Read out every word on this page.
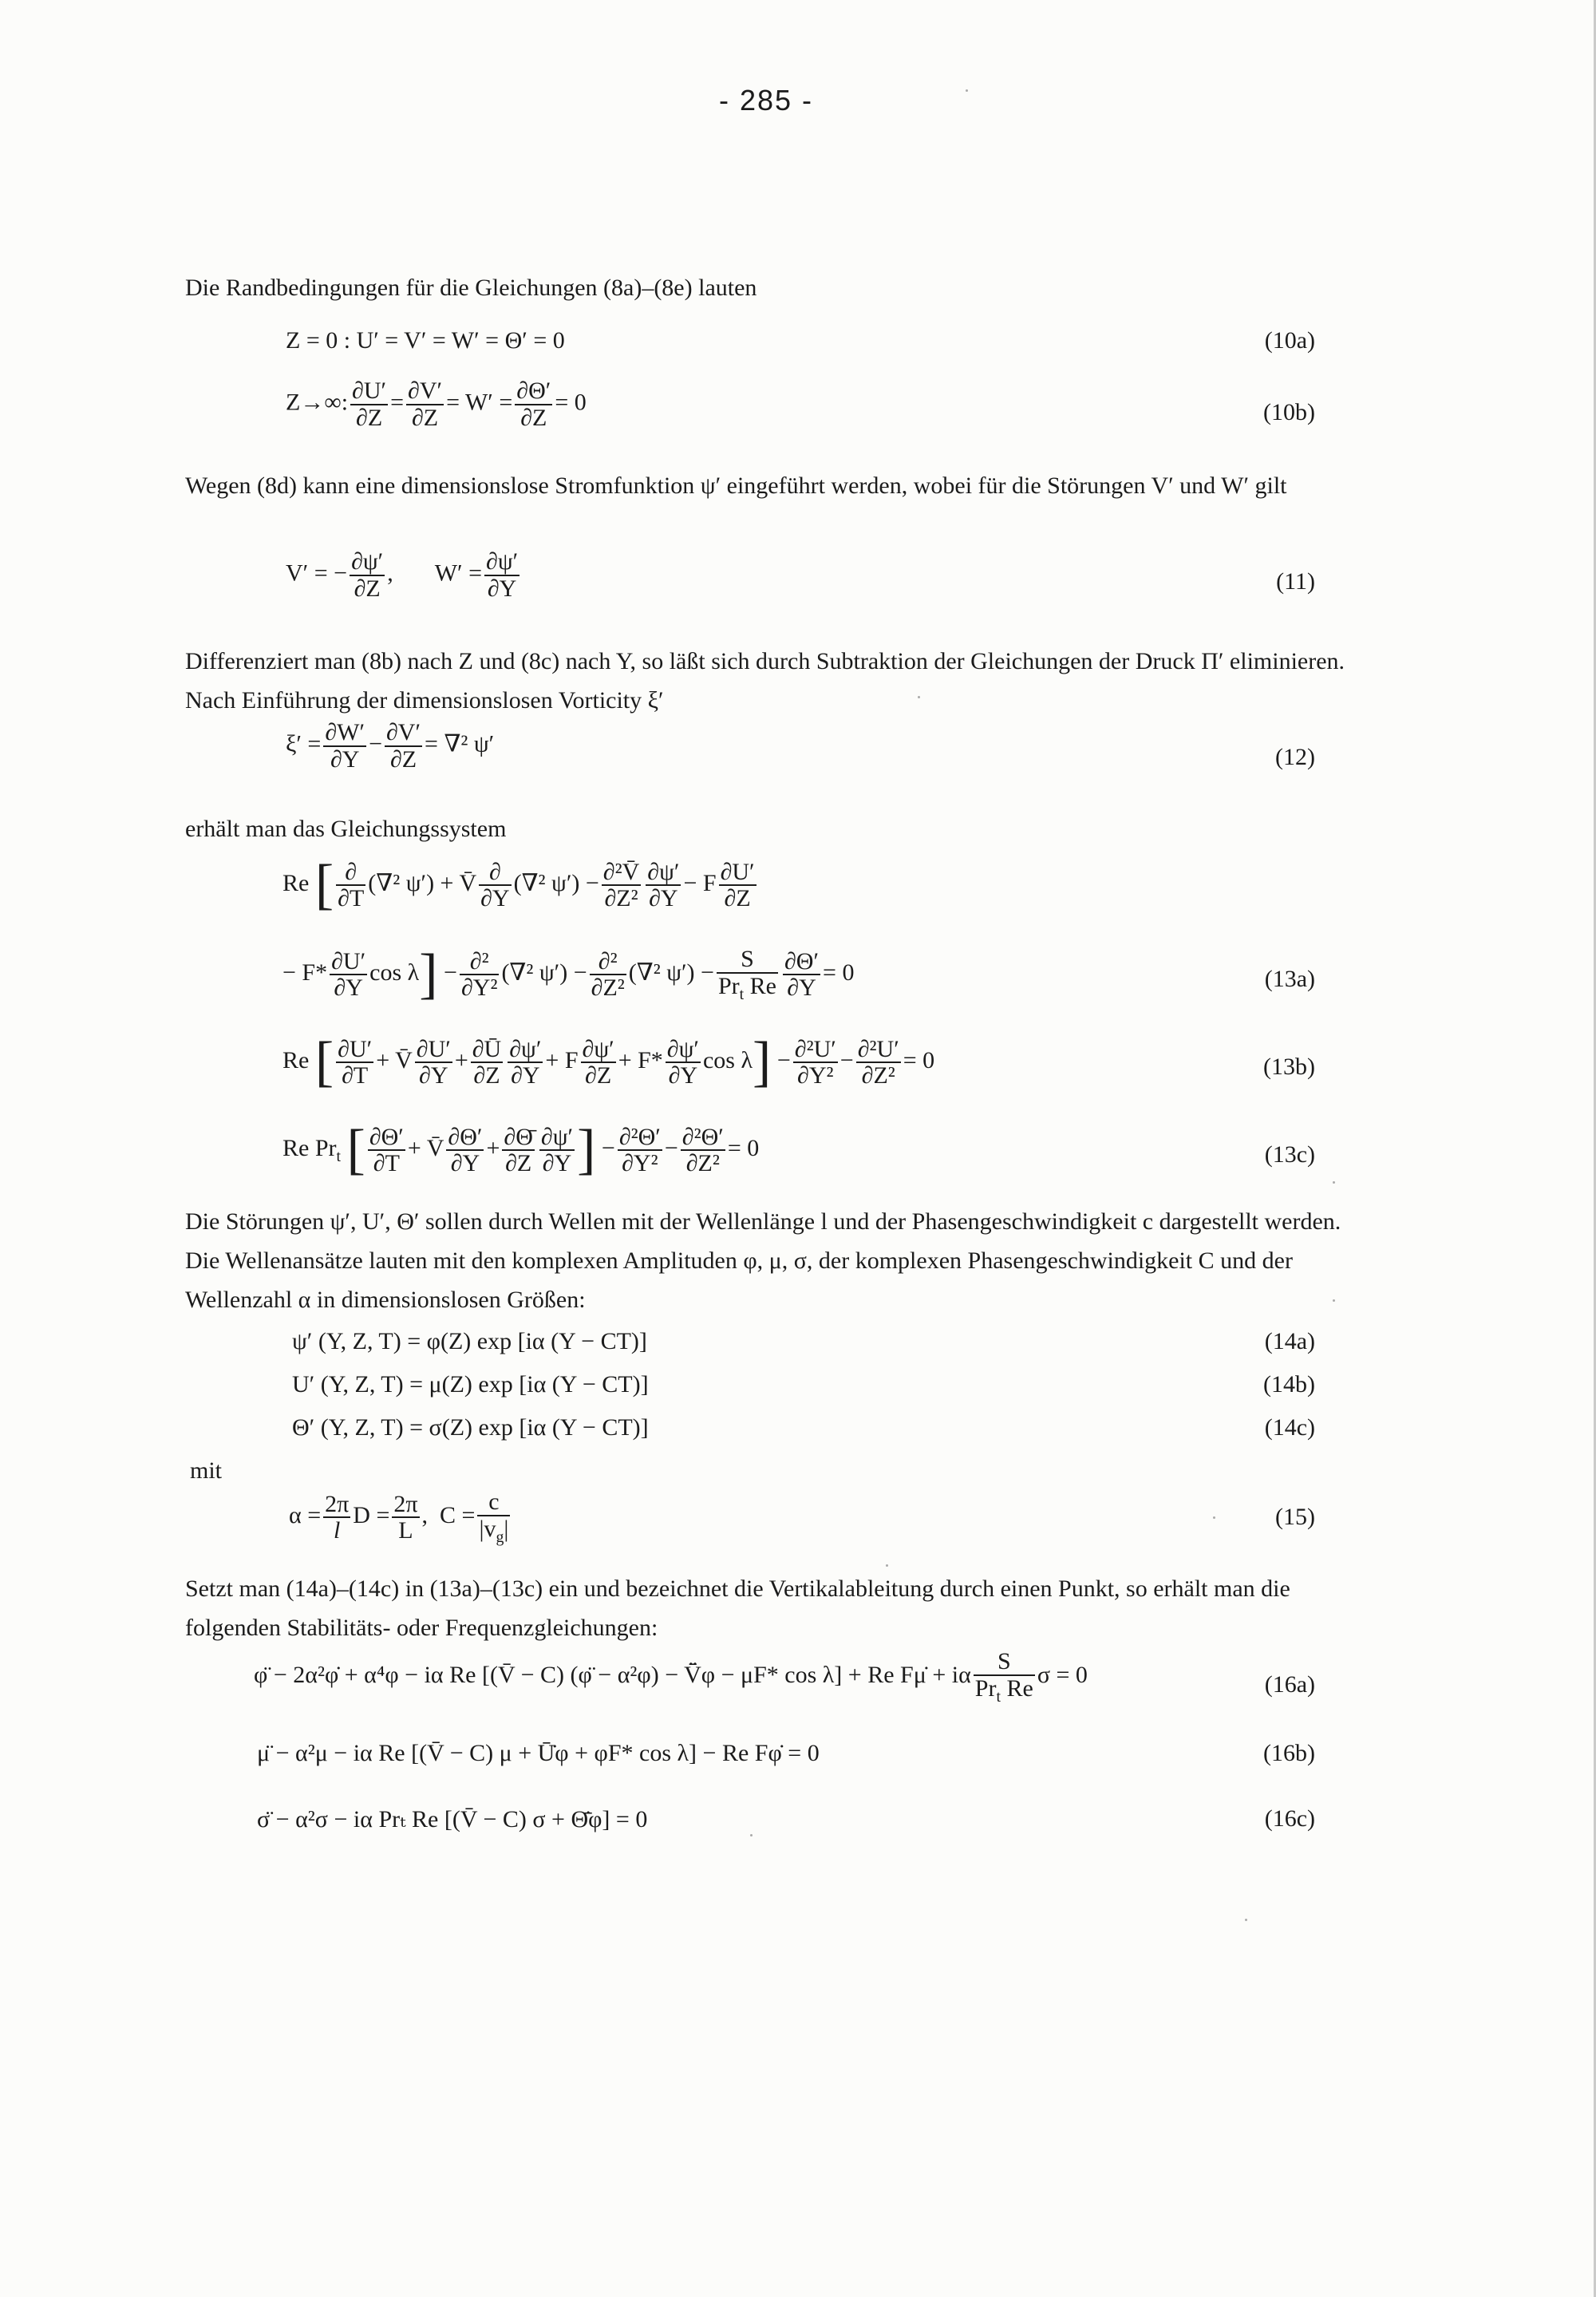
- 285 -
Die Randbedingungen für die Gleichungen (8a)–(8e) lauten
Z = 0 : U′ = V′ = W′ = Θ′ = 0	(10a)
Z→∞: $\frac{\partial U'}{\partial Z} = \frac{\partial V'}{\partial Z} = W' = \frac{\partial\Theta'}{\partial Z} = 0$	(10b)
Wegen (8d) kann eine dimensionslose Stromfunktion ψ′ eingeführt werden, wobei für die Störungen V′ und W′ gilt
V′ = − $\frac{\partial\psi'}{\partial Z}$ ,       $W' = \frac{\partial\psi'}{\partial Y}$	(11)
Differenziert man (8b) nach Z und (8c) nach Y, so läßt sich durch Subtraktion der Gleichungen der Druck Π′ eliminieren. Nach Einführung der dimensionslosen Vorticity ξ′
$\xi' = \frac{\partial W'}{\partial Y} - \frac{\partial V'}{\partial Z} = \nabla^2$ ψ′
(12)
erhält man das Gleichungssystem
Re [ $\frac{\partial}{\partial T} (\nabla^2$ ψ′) + V̄ $\frac{\partial}{\partial Y} (\nabla^2$ $\psi') - \frac{\text{∂²V̄}}{\text{∂Z²}} \frac{\partial\psi'}{\partial Y} - F \frac{\partial U'}{\partial Z}$
− $F* \frac{\partial U'}{\partial Y}$ $\cos \lambda] - \frac{\text{∂²}}{\text{∂Y²}} (\nabla^2$ $\psi') - \frac{\text{∂²}}{\text{∂Z²}} (\nabla^2$ $\psi') - \frac{S}{Pr_t Re} \frac{\partial\Theta'}{\partial Y} = 0$	(13a)
Re [ $\frac{\partial U'}{\partial T}$ + V̄ $\frac{\partial U'}{\partial Y} + \frac{\partial Ū}{\partial Z} \frac{\partial\psi'}{\partial Y} + F \frac{\partial\psi'}{\partial Z} + F* \frac{\partial\psi'}{\partial Y}$ $\cos \lambda] - \frac{\text{∂²U′}}{\text{∂Y²}} - \frac{\text{∂²U′}}{\text{∂Z²}} = 0$	(13b)
Re $Pr_t$ [ $\frac{\partial\Theta'}{\partial T}$ + V̄ $\frac{\partial\Theta'}{\partial Y} + \frac{\partial\Thetā}{\partial Z} \frac{\partial\psi'}{\partial Y}$ ] − $\frac{\text{∂²Θ′}}{\text{∂Y²}} - \frac{\text{∂²Θ′}}{\text{∂Z²}} = 0$	(13c)
Die Störungen ψ′, U′, Θ′ sollen durch Wellen mit der Wellenlänge l und der Phasengeschwindigkeit c dargestellt werden. Die Wellenansätze lauten mit den komplexen Amplituden φ, μ, σ, der komplexen Phasengeschwindigkeit C und der Wellenzahl α in dimensionslosen Größen:
ψ′ (Y, Z, T) = φ(Z) exp [iα (Y − CT)]	(14a)
U′ (Y, Z, T) = μ(Z) exp [iα (Y − CT)]	(14b)
Θ′ (Y, Z, T) = σ(Z) exp [iα (Y − CT)]	(14c)
mit
$\alpha = \frac{2\pi}{l}$ $D = \frac{2\pi}{L}$ ,  $C = \frac{c}{|v_g|}$	(15)
Setzt man (14a)–(14c) in (13a)–(13c) ein und bezeichnet die Vertikalableitung durch einen Punkt, so erhält man die folgenden Stabilitäts- oder Frequenzgleichungen:
φ̈ − 2α²φ̇ + α⁴φ − iα Re [(V̄ − C) (φ̈ − α²φ) − V̄̈φ − μF* cos λ] + Re Fμ̇ + iα $\frac{S}{Pr_t Re}$ σ = 0	(16a)
μ̈ − α²μ − iα Re [(V̄ − C) μ + Ū̇φ + φF* cos λ] − Re Fφ̇ = 0	(16b)
σ̈ − α²σ − iα Prₜ Re [(V̄ − C) σ + Θ̄̇φ] = 0	(16c)
